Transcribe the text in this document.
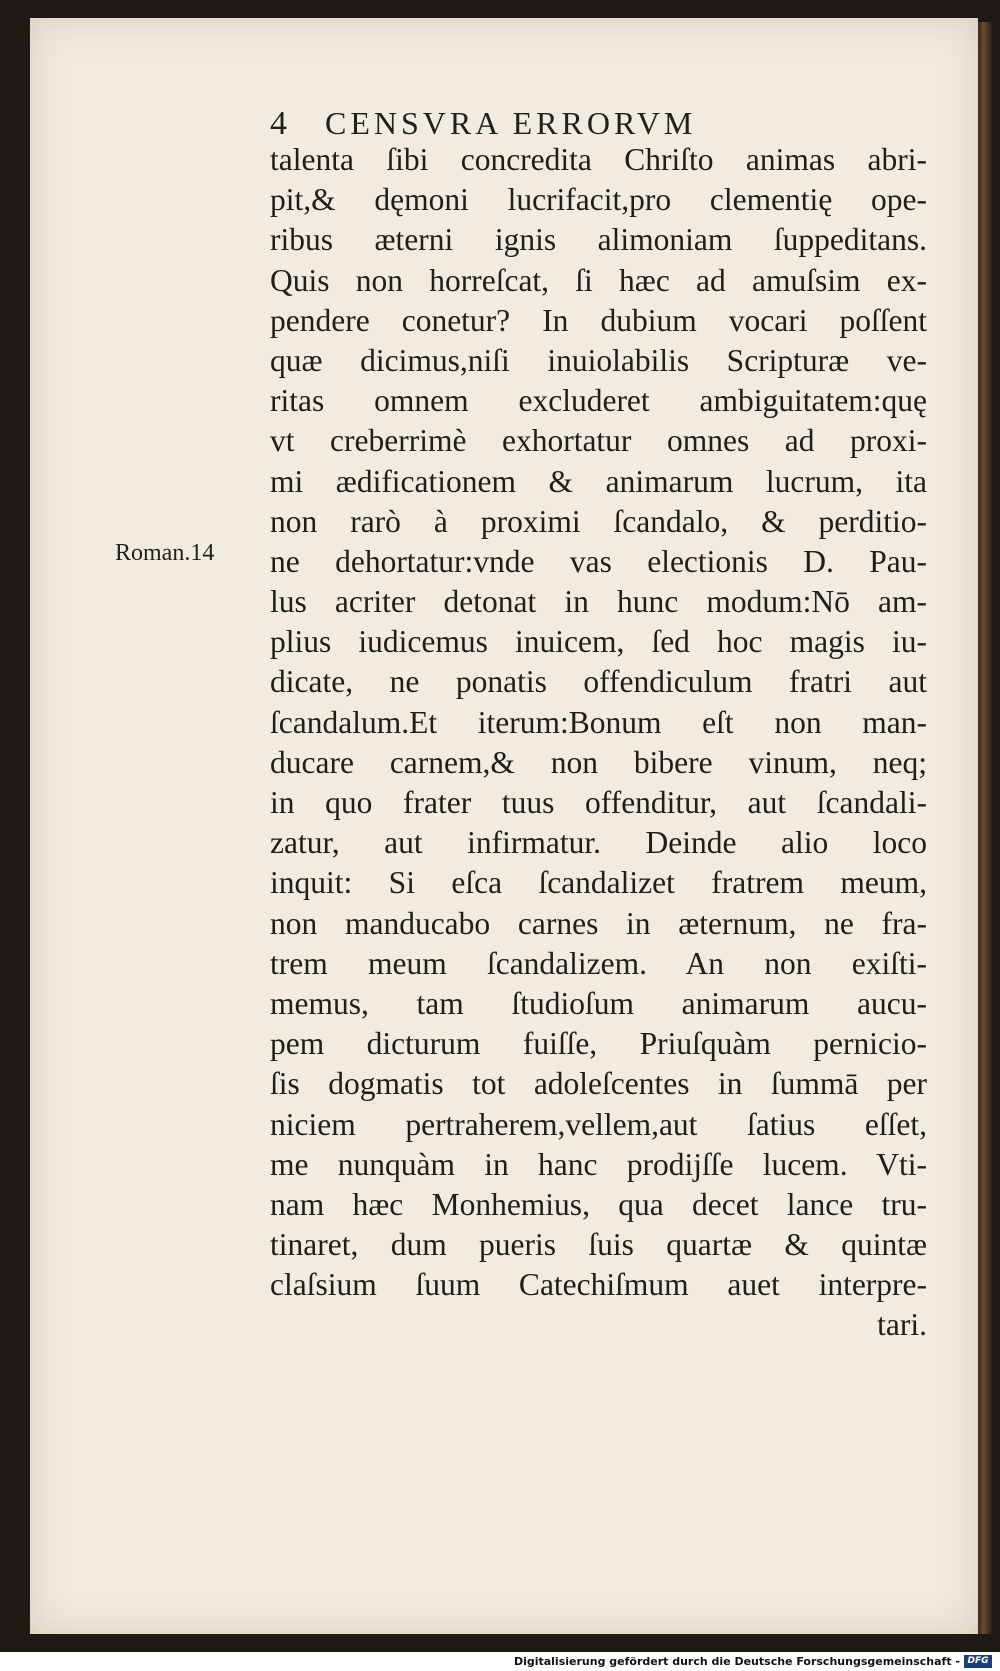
4 CENSVRA ERRORVM
talenta ſibi concredita Chriſto animas abri-
pit,& dęmoni lucrifacit,pro clementię ope-
ribus æterni ignis alimoniam ſuppeditans.
Quis non horreſcat, ſi hæc ad amuſsim ex-
pendere conetur? In dubium vocari poſſent
quæ dicimus,niſi inuiolabilis Scripturæ ve-
ritas omnem excluderet ambiguitatem:quę
vt creberrimè exhortatur omnes ad proxi-
mi ædificationem & animarum lucrum, ita
non rarò à proximi ſcandalo, & perditio-
ne dehortatur:vnde vas electionis D. Pau-
lus acriter detonat in hunc modum:Nō am-
plius iudicemus inuicem, ſed hoc magis iu-
dicate, ne ponatis offendiculum fratri aut
ſcandalum.Et iterum:Bonum eſt non man-
ducare carnem,& non bibere vinum, neq;
in quo frater tuus offenditur, aut ſcandali-
zatur, aut infirmatur. Deinde alio loco
inquit: Si eſca ſcandalizet fratrem meum,
non manducabo carnes in æternum, ne fra-
trem meum ſcandalizem. An non exiſti-
memus, tam ſtudioſum animarum aucu-
pem dicturum fuiſſe, Priuſquàm pernicio-
ſis dogmatis tot adoleſcentes in ſummā per
niciem pertraherem,vellem,aut ſatius eſſet,
me nunquàm in hanc prodijſſe lucem. Vti-
nam hæc Monhemius, qua decet lance tru-
tinaret, dum pueris ſuis quartæ & quintæ
claſsium ſuum Catechiſmum auet interpre-
tari.
Roman.14
Digitalisierung gefördert durch die Deutsche Forschungsgemeinschaft - DFG
